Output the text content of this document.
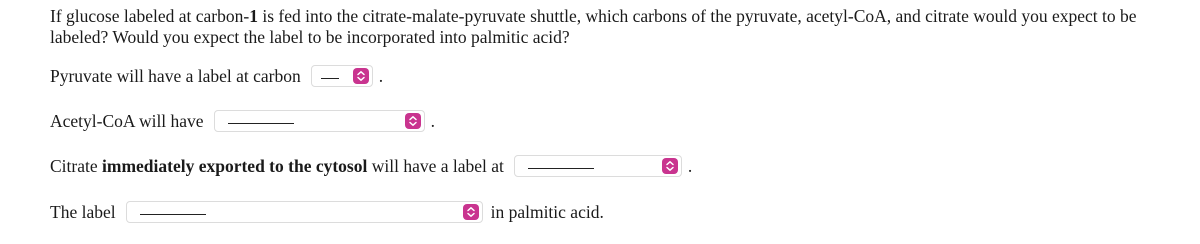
If glucose labeled at carbon-1 is fed into the citrate-malate-pyruvate shuttle, which carbons of the pyruvate, acetyl-CoA, and citrate would you expect to be labeled? Would you expect the label to be incorporated into palmitic acid?
Pyruvate will have a label at carbon	.
Acetyl-CoA will have	.
Citrate immediately exported to the cytosol will have a label at	.
The label	in palmitic acid.
